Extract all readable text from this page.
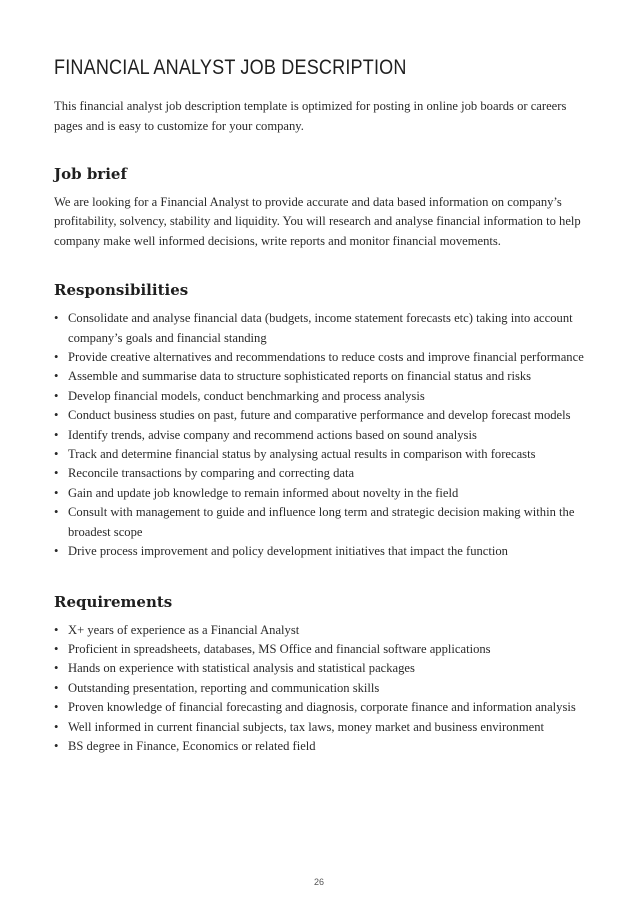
FINANCIAL ANALYST JOB DESCRIPTION

This financial analyst job description template is optimized for posting in online job boards or careers pages and is easy to customize for your company.

Job brief

We are looking for a Financial Analyst to provide accurate and data based information on company’s profitability, solvency, stability and liquidity. You will research and analyse financial information to help company make well informed decisions, write reports and monitor financial movements.

Responsibilities
• Consolidate and analyse financial data (budgets, income statement forecasts etc) taking into account company’s goals and financial standing
• Provide creative alternatives and recommendations to reduce costs and improve financial performance
• Assemble and summarise data to structure sophisticated reports on financial status and risks
• Develop financial models, conduct benchmarking and process analysis
• Conduct business studies on past, future and comparative performance and develop forecast models
• Identify trends, advise company and recommend actions based on sound analysis
• Track and determine financial status by analysing actual results in comparison with forecasts
• Reconcile transactions by comparing and correcting data
• Gain and update job knowledge to remain informed about novelty in the field
• Consult with management to guide and influence long term and strategic decision making within the broadest scope
• Drive process improvement and policy development initiatives that impact the function
Requirements
• X+ years of experience as a Financial Analyst
• Proficient in spreadsheets, databases, MS Office and financial software applications
• Hands on experience with statistical analysis and statistical packages
• Outstanding presentation, reporting and communication skills
• Proven knowledge of financial forecasting and diagnosis, corporate finance and information analysis
• Well informed in current financial subjects, tax laws, money market and business environment
• BS degree in Finance, Economics or related field
26
